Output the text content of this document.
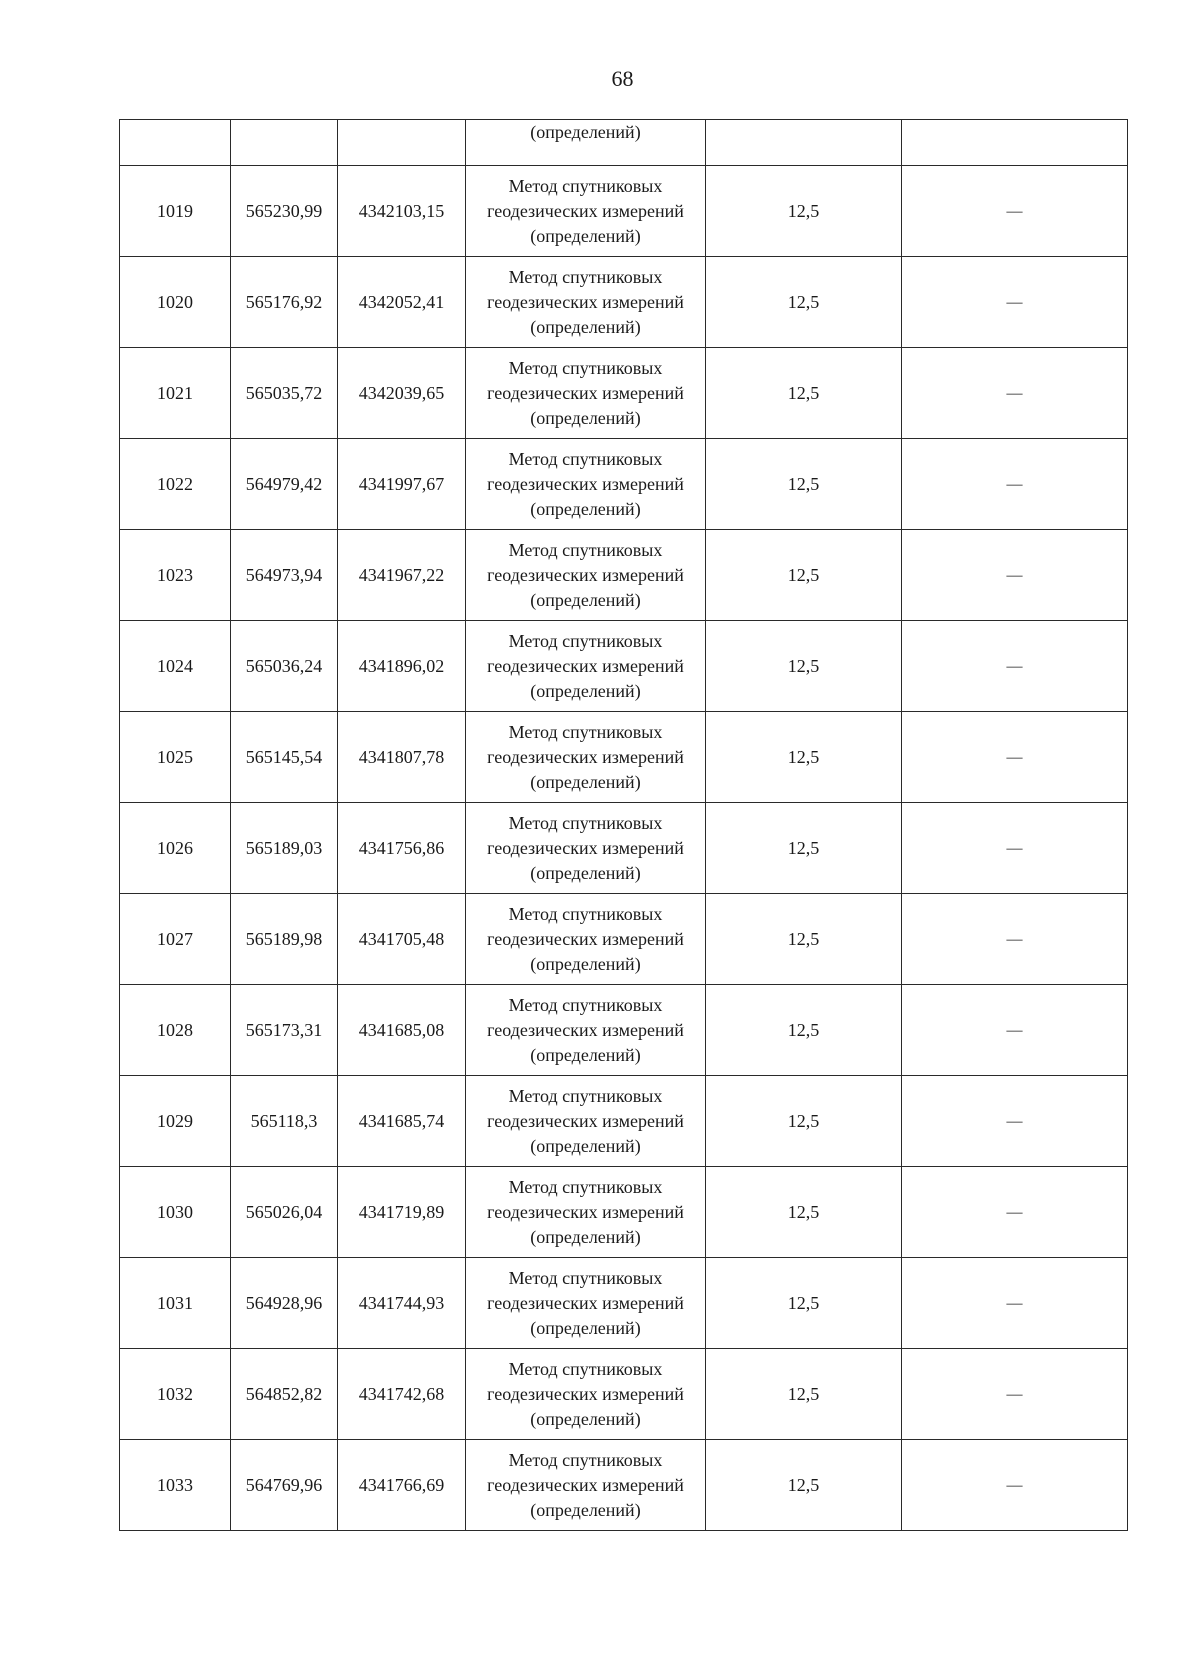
68
			(определений)		
1019	565230,99	4342103,15	Метод спутниковых
геодезических измерений
(определений)	12,5	—
1020	565176,92	4342052,41	Метод спутниковых
геодезических измерений
(определений)	12,5	—
1021	565035,72	4342039,65	Метод спутниковых
геодезических измерений
(определений)	12,5	—
1022	564979,42	4341997,67	Метод спутниковых
геодезических измерений
(определений)	12,5	—
1023	564973,94	4341967,22	Метод спутниковых
геодезических измерений
(определений)	12,5	—
1024	565036,24	4341896,02	Метод спутниковых
геодезических измерений
(определений)	12,5	—
1025	565145,54	4341807,78	Метод спутниковых
геодезических измерений
(определений)	12,5	—
1026	565189,03	4341756,86	Метод спутниковых
геодезических измерений
(определений)	12,5	—
1027	565189,98	4341705,48	Метод спутниковых
геодезических измерений
(определений)	12,5	—
1028	565173,31	4341685,08	Метод спутниковых
геодезических измерений
(определений)	12,5	—
1029	565118,3	4341685,74	Метод спутниковых
геодезических измерений
(определений)	12,5	—
1030	565026,04	4341719,89	Метод спутниковых
геодезических измерений
(определений)	12,5	—
1031	564928,96	4341744,93	Метод спутниковых
геодезических измерений
(определений)	12,5	—
1032	564852,82	4341742,68	Метод спутниковых
геодезических измерений
(определений)	12,5	—
1033	564769,96	4341766,69	Метод спутниковых
геодезических измерений
(определений)	12,5	—
